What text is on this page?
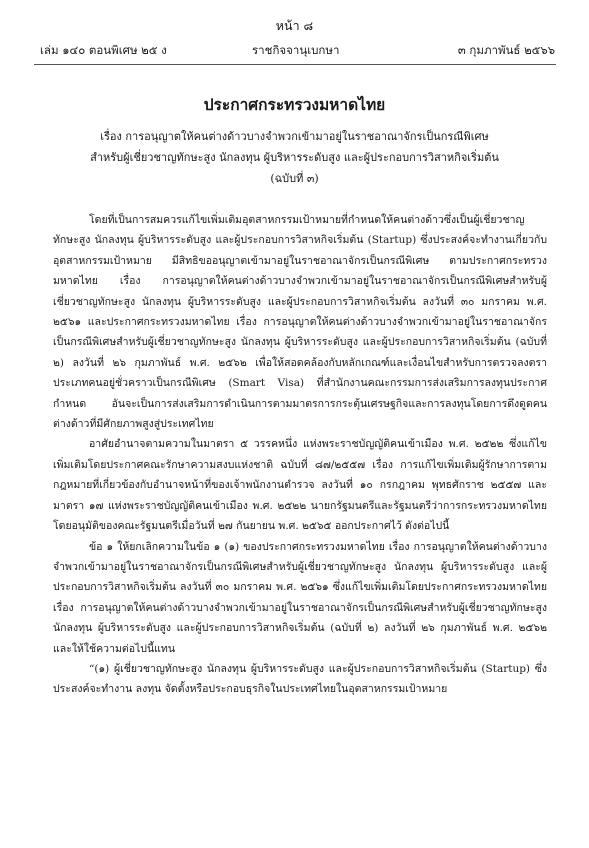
หน้า ๘
เล่ม ๑๔๐ ตอนพิเศษ ๒๕ ง	ราชกิจจานุเบกษา	๓ กุมภาพันธ์ ๒๕๖๖
ประกาศกระทรวงมหาดไทย
เรื่อง การอนุญาตให้คนต่างด้าวบางจำพวกเข้ามาอยู่ในราชอาณาจักรเป็นกรณีพิเศษ
สำหรับผู้เชี่ยวชาญทักษะสูง นักลงทุน ผู้บริหารระดับสูง และผู้ประกอบการวิสาหกิจเริ่มต้น
(ฉบับที่ ๓)

โดยที่เป็นการสมควรแก้ไขเพิ่มเติมอุตสาหกรรมเป้าหมายที่กำหนดให้คนต่างด้าวซึ่งเป็นผู้เชี่ยวชาญทักษะสูง นักลงทุน ผู้บริหารระดับสูง และผู้ประกอบการวิสาหกิจเริ่มต้น (Startup) ซึ่งประสงค์จะทำงานเกี่ยวกับอุตสาหกรรมเป้าหมาย มีสิทธิขออนุญาตเข้ามาอยู่ในราชอาณาจักรเป็นกรณีพิเศษ ตามประกาศกระทรวงมหาดไทย เรื่อง การอนุญาตให้คนต่างด้าวบางจำพวกเข้ามาอยู่ในราชอาณาจักรเป็นกรณีพิเศษสำหรับผู้เชี่ยวชาญทักษะสูง นักลงทุน ผู้บริหารระดับสูง และผู้ประกอบการวิสาหกิจเริ่มต้น ลงวันที่ ๓๐ มกราคม พ.ศ. ๒๕๖๑ และประกาศกระทรวงมหาดไทย เรื่อง การอนุญาตให้คนต่างด้าวบางจำพวกเข้ามาอยู่ในราชอาณาจักรเป็นกรณีพิเศษสำหรับผู้เชี่ยวชาญทักษะสูง นักลงทุน ผู้บริหารระดับสูง และผู้ประกอบการวิสาหกิจเริ่มต้น (ฉบับที่ ๒) ลงวันที่ ๒๖ กุมภาพันธ์ พ.ศ. ๒๕๖๒ เพื่อให้สอดคล้องกับหลักเกณฑ์และเงื่อนไขสำหรับการตรวจลงตราประเภทคนอยู่ชั่วคราวเป็นกรณีพิเศษ (Smart Visa) ที่สำนักงานคณะกรรมการส่งเสริมการลงทุนประกาศกำหนด อันจะเป็นการส่งเสริมการดำเนินการตามมาตรการกระตุ้นเศรษฐกิจและการลงทุนโดยการดึงดูดคนต่างด้าวที่มีศักยภาพสูงสู่ประเทศไทย

อาศัยอำนาจตามความในมาตรา ๕ วรรคหนึ่ง แห่งพระราชบัญญัติคนเข้าเมือง พ.ศ. ๒๕๒๒ ซึ่งแก้ไขเพิ่มเติมโดยประกาศคณะรักษาความสงบแห่งชาติ ฉบับที่ ๘๗/๒๕๕๗ เรื่อง การแก้ไขเพิ่มเติมผู้รักษาการตามกฎหมายที่เกี่ยวข้องกับอำนาจหน้าที่ของเจ้าพนักงานตำรวจ ลงวันที่ ๑๐ กรกฎาคม พุทธศักราช ๒๕๕๗ และมาตรา ๑๗ แห่งพระราชบัญญัติคนเข้าเมือง พ.ศ. ๒๕๒๒ นายกรัฐมนตรีและรัฐมนตรีว่าการกระทรวงมหาดไทย โดยอนุมัติของคณะรัฐมนตรีเมื่อวันที่ ๒๗ กันยายน พ.ศ. ๒๕๖๕ ออกประกาศไว้ ดังต่อไปนี้

ข้อ ๑ ให้ยกเลิกความในข้อ ๑ (๑) ของประกาศกระทรวงมหาดไทย เรื่อง การอนุญาตให้คนต่างด้าวบางจำพวกเข้ามาอยู่ในราชอาณาจักรเป็นกรณีพิเศษสำหรับผู้เชี่ยวชาญทักษะสูง นักลงทุน ผู้บริหารระดับสูง และผู้ประกอบการวิสาหกิจเริ่มต้น ลงวันที่ ๓๐ มกราคม พ.ศ. ๒๕๖๑ ซึ่งแก้ไขเพิ่มเติมโดยประกาศกระทรวงมหาดไทย เรื่อง การอนุญาตให้คนต่างด้าวบางจำพวกเข้ามาอยู่ในราชอาณาจักรเป็นกรณีพิเศษสำหรับผู้เชี่ยวชาญทักษะสูง นักลงทุน ผู้บริหารระดับสูง และผู้ประกอบการวิสาหกิจเริ่มต้น (ฉบับที่ ๒) ลงวันที่ ๒๖ กุมภาพันธ์ พ.ศ. ๒๕๖๒ และให้ใช้ความต่อไปนี้แทน

“(๑) ผู้เชี่ยวชาญทักษะสูง นักลงทุน ผู้บริหารระดับสูง และผู้ประกอบการวิสาหกิจเริ่มต้น (Startup) ซึ่งประสงค์จะทำงาน ลงทุน จัดตั้งหรือประกอบธุรกิจในประเทศไทยในอุตสาหกรรมเป้าหมาย
